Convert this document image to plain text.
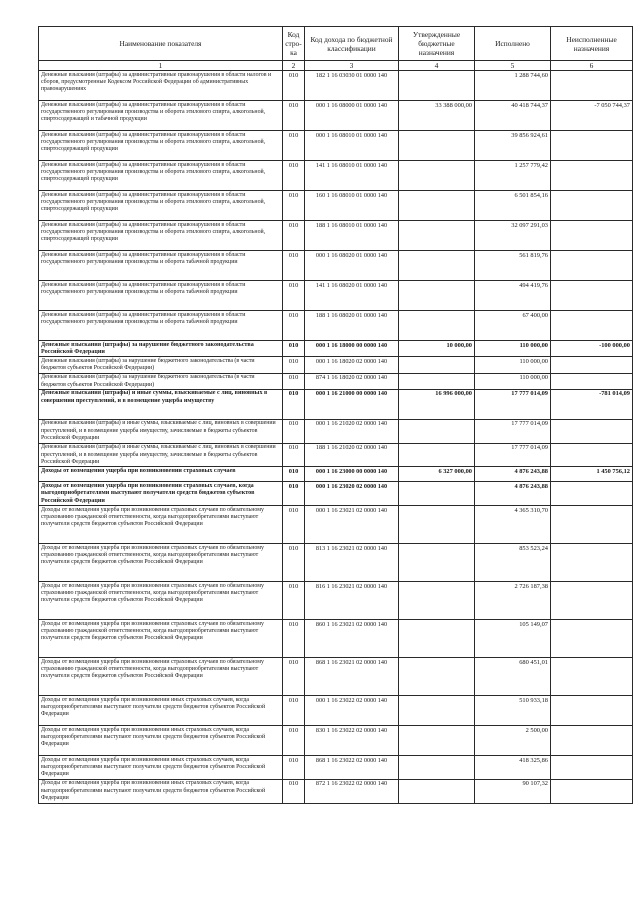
Наименование показателя	Код стро-ка	Код дохода по бюджетной классификации	Утвержденные бюджетные назначения	Исполнено	Неисполненные назначения
1	2	3	4	5	6
Денежные взыскания (штрафы) за административные правонарушения в области налогов и сборов, предусмотренные Кодексом Российской Федерации об административных правонарушениях	010	182 1 16 03030 01 0000 140		1 288 744,60	
Денежные взыскания (штрафы) за административные правонарушения в области государственного регулирования производства и оборота этилового спирта, алкогольной, спиртосодержащей и табачной продукции	010	000 1 16 08000 01 0000 140	33 388 000,00	40 418 744,37	-7 050 744,37
Денежные взыскания (штрафы) за административные правонарушения в области государственного регулирования производства и оборота этилового спирта, алкогольной, спиртосодержащей продукции	010	000 1 16 08010 01 0000 140		39 856 924,61	
Денежные взыскания (штрафы) за административные правонарушения в области государственного регулирования производства и оборота этилового спирта, алкогольной, спиртосодержащей продукции	010	141 1 16 08010 01 0000 140		1 257 779,42	
Денежные взыскания (штрафы) за административные правонарушения в области государственного регулирования производства и оборота этилового спирта, алкогольной, спиртосодержащей продукции	010	160 1 16 08010 01 0000 140		6 501 854,16	
Денежные взыскания (штрафы) за административные правонарушения в области государственного регулирования производства и оборота этилового спирта, алкогольной, спиртосодержащей продукции	010	188 1 16 08010 01 0000 140		32 097 291,03	
Денежные взыскания (штрафы) за административные правонарушения в области государственного регулирования производства и оборота табачной продукции	010	000 1 16 08020 01 0000 140		561 819,76	
Денежные взыскания (штрафы) за административные правонарушения в области государственного регулирования производства и оборота табачной продукции	010	141 1 16 08020 01 0000 140		494 419,76	
Денежные взыскания (штрафы) за административные правонарушения в области государственного регулирования производства и оборота табачной продукции	010	188 1 16 08020 01 0000 140		67 400,00	
Денежные взыскания (штрафы) за нарушение бюджетного законодательства Российской Федерации	010	000 1 16 18000 00 0000 140	10 000,00	110 000,00	-100 000,00
Денежные взыскания (штрафы) за нарушение бюджетного законодательства (в части бюджетов субъектов Российской Федерации)	010	000 1 16 18020 02 0000 140		110 000,00	
Денежные взыскания (штрафы) за нарушение бюджетного законодательства (в части бюджетов субъектов Российской Федерации)	010	874 1 16 18020 02 0000 140		110 000,00	
Денежные взыскания (штрафы) и иные суммы, взыскиваемые с лиц, виновных в совершении преступлений, и в возмещение ущерба имуществу	010	000 1 16 21000 00 0000 140	16 996 000,00	17 777 014,09	-781 014,09
Денежные взыскания (штрафы) и иные суммы, взыскиваемые с лиц, виновных в совершении преступлений, и в возмещение ущерба имуществу, зачисляемые в бюджеты субъектов Российской Федерации	010	000 1 16 21020 02 0000 140		17 777 014,09	
Денежные взыскания (штрафы) и иные суммы, взыскиваемые с лиц, виновных в совершении преступлений, и в возмещение ущерба имуществу, зачисляемые в бюджеты субъектов Российской Федерации	010	188 1 16 21020 02 0000 140		17 777 014,09	
Доходы от возмещения ущерба при возникновении страховых случаев	010	000 1 16 23000 00 0000 140	6 327 000,00	4 876 243,88	1 450 756,12
Доходы от возмещения ущерба при возникновении страховых случаев, когда выгодоприобретателями выступают получатели средств бюджетов субъектов Российской Федерации	010	000 1 16 23020 02 0000 140		4 876 243,88	
Доходы от возмещения ущерба при возникновении страховых случаев по обязательному страхованию гражданской ответственности, когда выгодоприобретателями выступают получатели средств бюджетов субъектов Российской Федерации	010	000 1 16 23021 02 0000 140		4 365 310,70	
Доходы от возмещения ущерба при возникновении страховых случаев по обязательному страхованию гражданской ответственности, когда выгодоприобретателями выступают получатели средств бюджетов субъектов Российской Федерации	010	813 1 16 23021 02 0000 140		853 523,24	
Доходы от возмещения ущерба при возникновении страховых случаев по обязательному страхованию гражданской ответственности, когда выгодоприобретателями выступают получатели средств бюджетов субъектов Российской Федерации	010	816 1 16 23021 02 0000 140		2 726 187,38	
Доходы от возмещения ущерба при возникновении страховых случаев по обязательному страхованию гражданской ответственности, когда выгодоприобретателями выступают получатели средств бюджетов субъектов Российской Федерации	010	860 1 16 23021 02 0000 140		105 149,07	
Доходы от возмещения ущерба при возникновении страховых случаев по обязательному страхованию гражданской ответственности, когда выгодоприобретателями выступают получатели средств бюджетов субъектов Российской Федерации	010	868 1 16 23021 02 0000 140		680 451,01	
Доходы от возмещения ущерба при возникновении иных страховых случаев, когда выгодоприобретателями выступают получатели средств бюджетов субъектов Российской Федерации	010	000 1 16 23022 02 0000 140		510 933,18	
Доходы от возмещения ущерба при возникновении иных страховых случаев, когда выгодоприобретателями выступают получатели средств бюджетов субъектов Российской Федерации	010	830 1 16 23022 02 0000 140		2 500,00	
Доходы от возмещения ущерба при возникновении иных страховых случаев, когда выгодоприобретателями выступают получатели средств бюджетов субъектов Российской Федерации	010	868 1 16 23022 02 0000 140		418 325,86	
Доходы от возмещения ущерба при возникновении иных страховых случаев, когда выгодоприобретателями выступают получатели средств бюджетов субъектов Российской Федерации	010	872 1 16 23022 02 0000 140		90 107,32	
